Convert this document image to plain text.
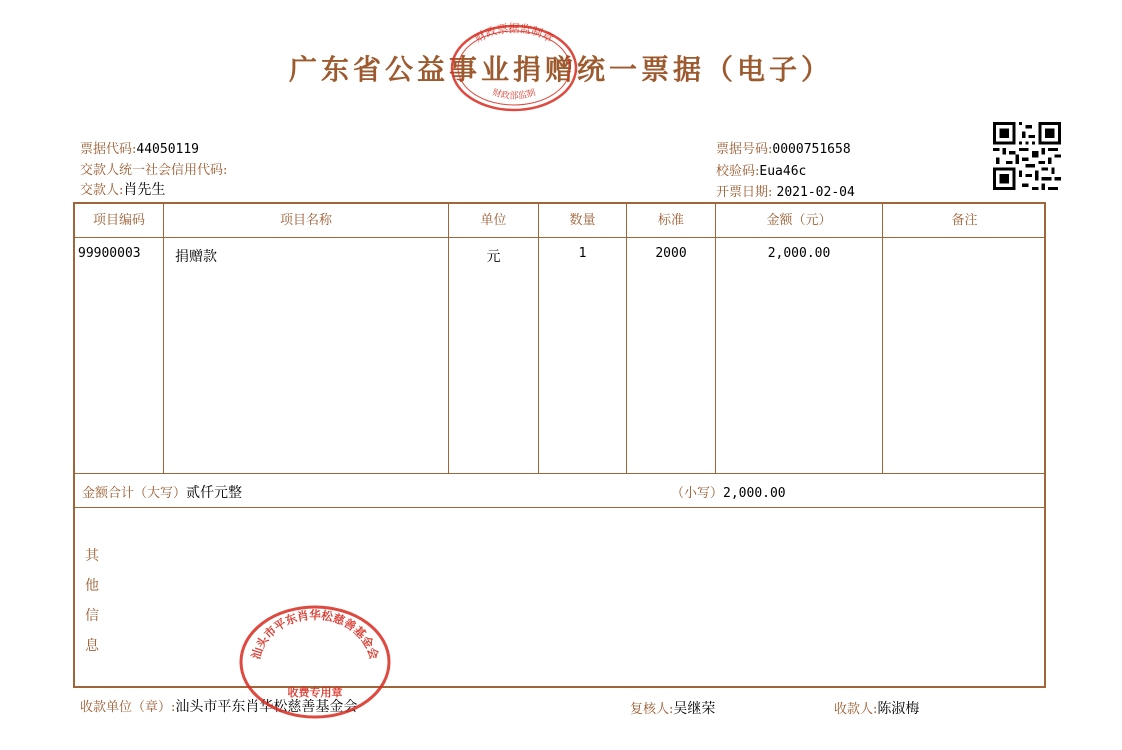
广东省公益事业捐赠统一票据（电子）
财政票据监制章
财政部监制
票据代码:44050119
交款人统一社会信用代码:
交款人:肖先生
票据号码:0000751658
校验码:Eua46c
开票日期: 2021-02-04
项目编码	项目名称	单位	数量	标准	金额（元）	备注
99900003 捐赠款	元	1	2000	2,000.00
金额合计（大写）贰仟元整	（小写）2,000.00
其
他
信
息
收款单位（章）:汕头市平东肖华松慈善基金会	复核人:吴继荣	收款人:陈淑梅
汕头市平东肖华松慈善基金会
收费专用章
